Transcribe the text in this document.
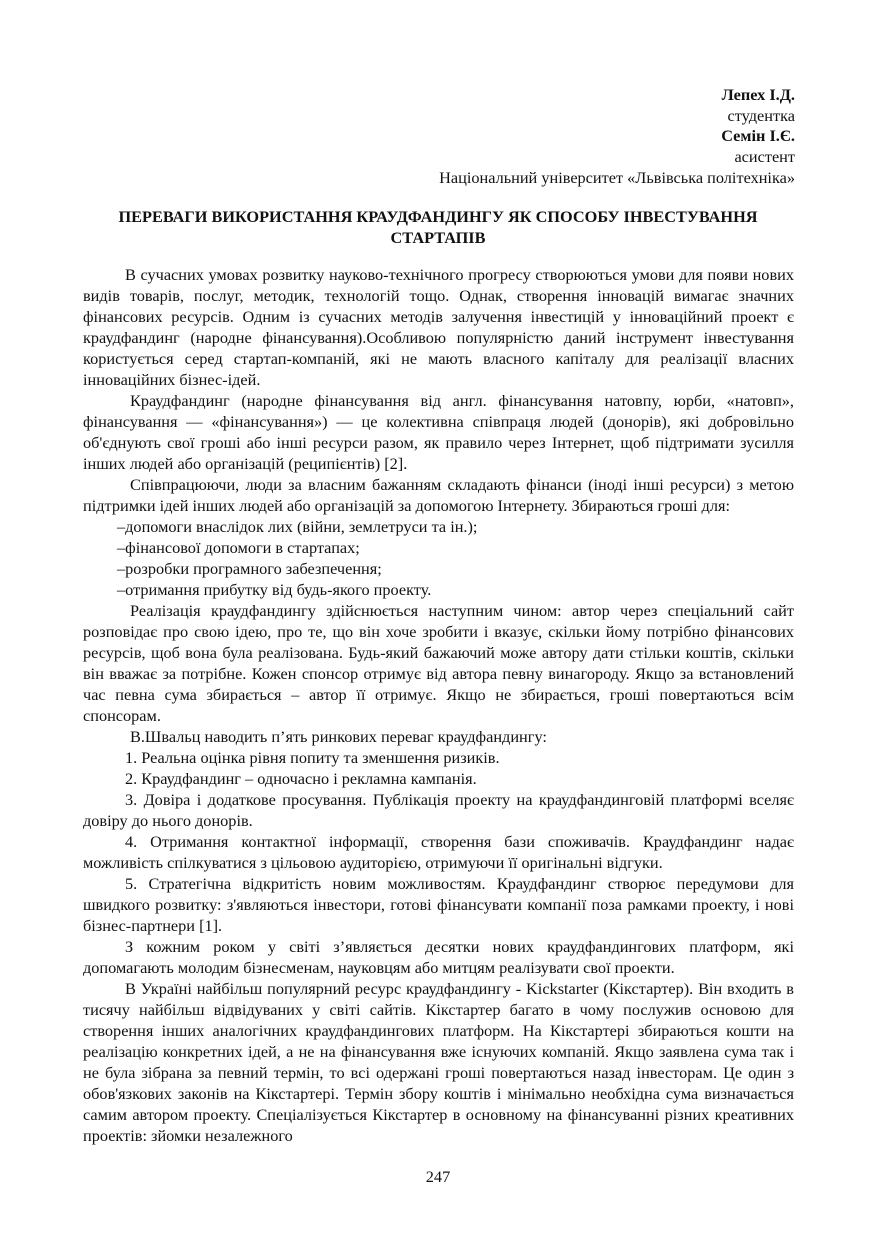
Лепех І.Д.
студентка
Семін І.Є.
асистент
Національний університет «Львівська політехніка»
ПЕРЕВАГИ ВИКОРИСТАННЯ КРАУДФАНДИНГУ ЯК СПОСОБУ ІНВЕСТУВАННЯ СТАРТАПІВ

В сучасних умовах розвитку науково-технічного прогресу створюються умови для появи нових видів товарів, послуг, методик, технологій тощо. Однак, створення інновацій вимагає значних фінансових ресурсів. Одним із сучасних методів залучення інвестицій у інноваційний проект є краудфандинг (народне фінансування).Особливою популярністю даний інструмент інвестування користується серед стартап-компаній, які не мають власного капіталу для реалізації власних інноваційних бізнес-ідей.

Краудфандинг (народне фінансування від англ. фінансування натовпу, юрби, «натовп», фінансування — «фінансування») — це колективна співпраця людей (донорів), які добровільно об'єднують свої гроші або інші ресурси разом, як правило через Інтернет, щоб підтримати зусилля інших людей або організацій (реципієнтів) [2].

Співпрацюючи, люди за власним бажанням складають фінанси (іноді інші ресурси) з метою підтримки ідей інших людей або організацій за допомогою Інтернету. Збираються гроші для:

–допомоги внаслідок лих (війни, землетруси та ін.);
–фінансової допомоги в стартапах;
–розробки програмного забезпечення;
–отримання прибутку від будь-якого проекту.

Реалізація краудфандингу здійснюється наступним чином: автор через спеціальний сайт розповідає про свою ідею, про те, що він хоче зробити і вказує, скільки йому потрібно фінансових ресурсів, щоб вона була реалізована. Будь-який бажаючий може автору дати стільки коштів, скільки він вважає за потрібне. Кожен спонсор отримує від автора певну винагороду. Якщо за встановлений час певна сума збирається – автор її отримує. Якщо не збирається, гроші повертаються всім спонсорам.

В.Швальц наводить п’ять ринкових переваг краудфандингу:

1. Реальна оцінка рівня попиту та зменшення ризиків.

2. Краудфандинг – одночасно і рекламна кампанія.

3. Довіра і додаткове просування. Публікація проекту на краудфандинговій платформі вселяє довіру до нього донорів.

4. Отримання контактної інформації, створення бази споживачів. Краудфандинг надає можливість спілкуватися з цільовою аудиторією, отримуючи її оригінальні відгуки.

5. Стратегічна відкритість новим можливостям. Краудфандинг створює передумови для швидкого розвитку: з'являються інвестори, готові фінансувати компанії поза рамками проекту, і нові бізнес-партнери [1].

З кожним роком у світі з’являється десятки нових краудфандингових платформ, які допомагають молодим бізнесменам, науковцям або митцям реалізувати свої проекти.

В Україні найбільш популярний ресурс краудфандингу - Kickstarter (Кікстартер). Він входить в тисячу найбільш відвідуваних у світі сайтів. Кікстартер багато в чому послужив основою для створення інших аналогічних краудфандингових платформ. На Кікстартері збираються кошти на реалізацію конкретних ідей, а не на фінансування вже існуючих компаній. Якщо заявлена сума так і не була зібрана за певний термін, то всі одержані гроші повертаються назад інвесторам. Це один з обов'язкових законів на Кікстартері. Термін збору коштів і мінімально необхідна сума визначається самим автором проекту. Спеціалізується Кікстартер в основному на фінансуванні різних креативних проектів: зйомки незалежного

247
